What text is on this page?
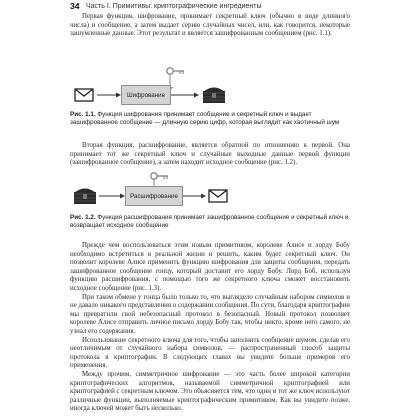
34 Часть I. Примитивы: криптографические ингредиенты

Первая функция, шифрование, принимает секретный ключ (обычно в виде длинного числа) и сообщение, а затем выдает серию случайных чисел, или, как говорится, некоторые зашумленные данные. Этот результат и является зашифрованным сообщением (рис. 1.1).

Шифрование
Рис. 1.1. Функция шифрования принимает сообщение и секретный ключ и выдает зашифрованное сообщение — длинную серию цифр, которая выглядит как хаотичный шум

Вторая функция, расшифрование, является обратной по отношению к первой. Она принимает тот же секретный ключ и случайные выходные данные первой функции (зашифрованное сообщение), а затем находит исходное сообщение (рис. 1.2).

Расшифрование
Рис. 1.2. Функция расшифрования принимает зашифрованное сообщение и секретный ключ и возвращает исходное сообщение

Прежде чем воспользоваться этим новым примитивом, королеве Алисе и лорду Бобу необходимо встретиться в реальной жизни и решить, каким будет секретный ключ. Он позволит королеве Алисе применить функцию шифрования для защиты сообщения, передать зашифрованное сообщение гонцу, который доставит его лорду Бобу. Лорд Боб, используя функцию расшифрования, с помощью того же секретного ключа сможет восстановить исходное сообщение (рис. 1.3).

При таком обмене у гонца было только то, что выглядело случайным набором символов и не давало никакого представления о содержании сообщения. По сути, благодаря криптографии мы превратили свой небезопасный протокол в безопасный. Новый протокол позволяет королеве Алисе отправить личное письмо лорду Бобу так, чтобы никто, кроме него самого, не узнал его содержания.

Использование секретного ключа для того, чтобы заполнить сообщение шумом, сделав его неотличимым от случайного набора символов, — распространенный способ защиты протокола в криптографии. В следующих главах вы увидите больше примеров его применения.

Между прочим, симметричное шифрование — это часть более широкой категории криптографических алгоритмов, называемой симметричной криптографией или криптографией с секретным ключом. Это объясняется тем, что один и тот же ключ используют различные функции, выполняемые криптографическим примитивом. Как вы увидите позже, иногда ключей может быть несколько.
